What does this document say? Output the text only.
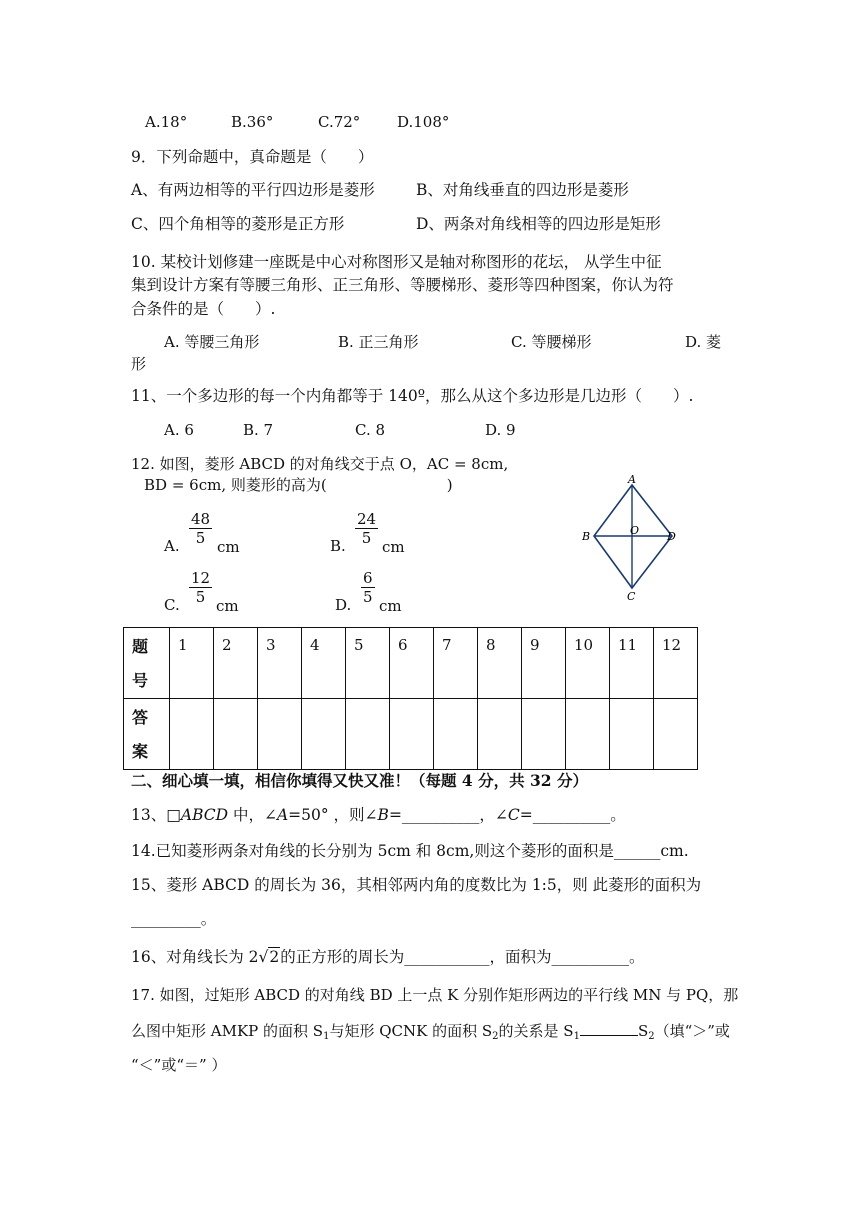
A.18°	B.36°	C.72° D.108°
9．下列命题中，真命题是（　　）
A、有两边相等的平行四边形是菱形	B、对角线垂直的四边形是菱形
C、四个角相等的菱形是正方形	D、两条对角线相等的四边形是矩形
10. 某校计划修建一座既是中心对称图形又是轴对称图形的花坛， 从学生中征
集到设计方案有等腰三角形、正三角形、等腰梯形、菱形等四种图案，你认为符
合条件的是（　　）.
A. 等腰三角形	B. 正三角形	C. 等腰梯形	D. 菱
形
11、一个多边形的每一个内角都等于 140º，那么从这个多边形是几边形（　　）.
A. 6	B. 7	C. 8	D. 9
12. 如图，菱形 ABCD 的对角线交于点 O，AC = 8cm,
BD = 6cm, 则菱形的高为(　　　　　　　　)
A.
48
5 cm	B.
24
5 cm
C.
12
5 cm	D.
6
5 cm
A
B
C
D
O
题号	1	2	3	4	5	6	7	8	9	10	11	12
答案												
二、细心填一填，相信你填得又快又准！（每题 4 分，共 32 分）
13、□ABCD 中，∠A=50° ，则∠B=__________，∠C=__________。
14.已知菱形两条对角线的长分别为 5cm 和 8cm,则这个菱形的面积是______cm.
15、菱形 ABCD 的周长为 36，其相邻两内角的度数比为 1:5，则 此菱形的面积为
_________。
16、对角线长为 2√2的正方形的周长为___________，面积为__________。
17. 如图，过矩形 ABCD 的对角线 BD 上一点 K 分别作矩形两边的平行线 MN 与 PQ，那
么图中矩形 AMKP 的面积 $S_1$与矩形 QCNK 的面积 $S_2$的关系是 $S_1$	$S_2$（填“＞”或
“＜”或“＝” ）
